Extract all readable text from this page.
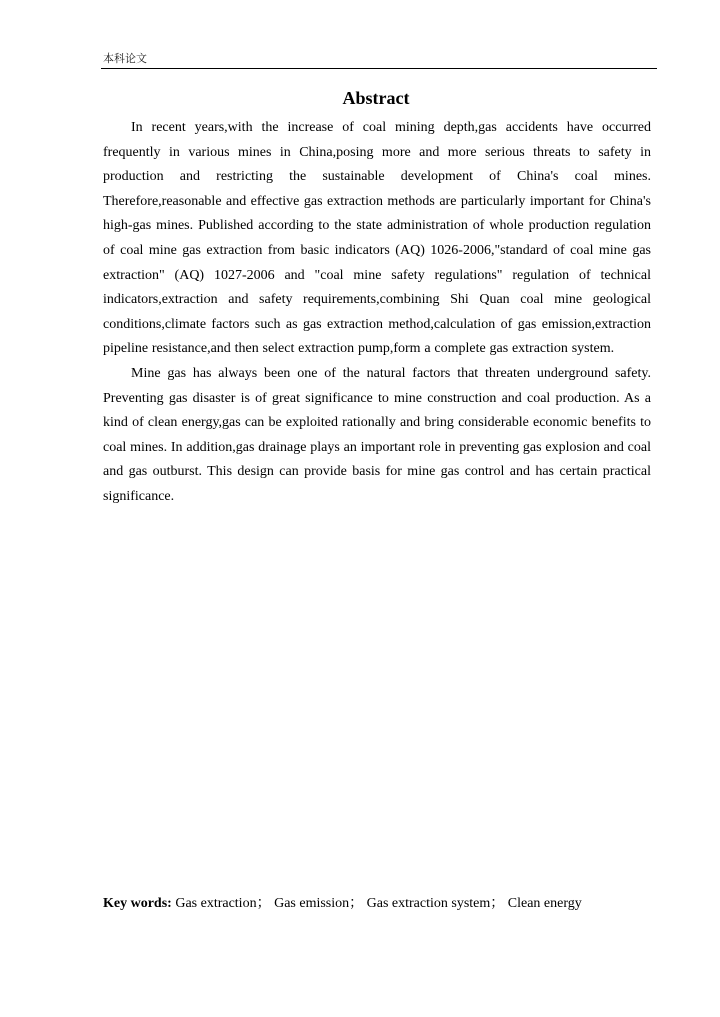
本科论文
Abstract

In recent years,with the increase of coal mining depth,gas accidents have occurred frequently in various mines in China,posing more and more serious threats to safety in production and restricting the sustainable development of China's coal mines. Therefore,reasonable and effective gas extraction methods are particularly important for China's high-gas mines. Published according to the state administration of whole production regulation of coal mine gas extraction from basic indicators (AQ) 1026-2006,"standard of coal mine gas extraction" (AQ) 1027-2006 and "coal mine safety regulations" regulation of technical indicators,extraction and safety requirements,combining Shi Quan coal mine geological conditions,climate factors such as gas extraction method,calculation of gas emission,extraction pipeline resistance,and then select extraction pump,form a complete gas extraction system.

Mine gas has always been one of the natural factors that threaten underground safety. Preventing gas disaster is of great significance to mine construction and coal production. As a kind of clean energy,gas can be exploited rationally and bring considerable economic benefits to coal mines. In addition,gas drainage plays an important role in preventing gas explosion and coal and gas outburst. This design can provide basis for mine gas control and has certain practical significance.

Key words: Gas extraction； Gas emission； Gas extraction system； Clean energy
